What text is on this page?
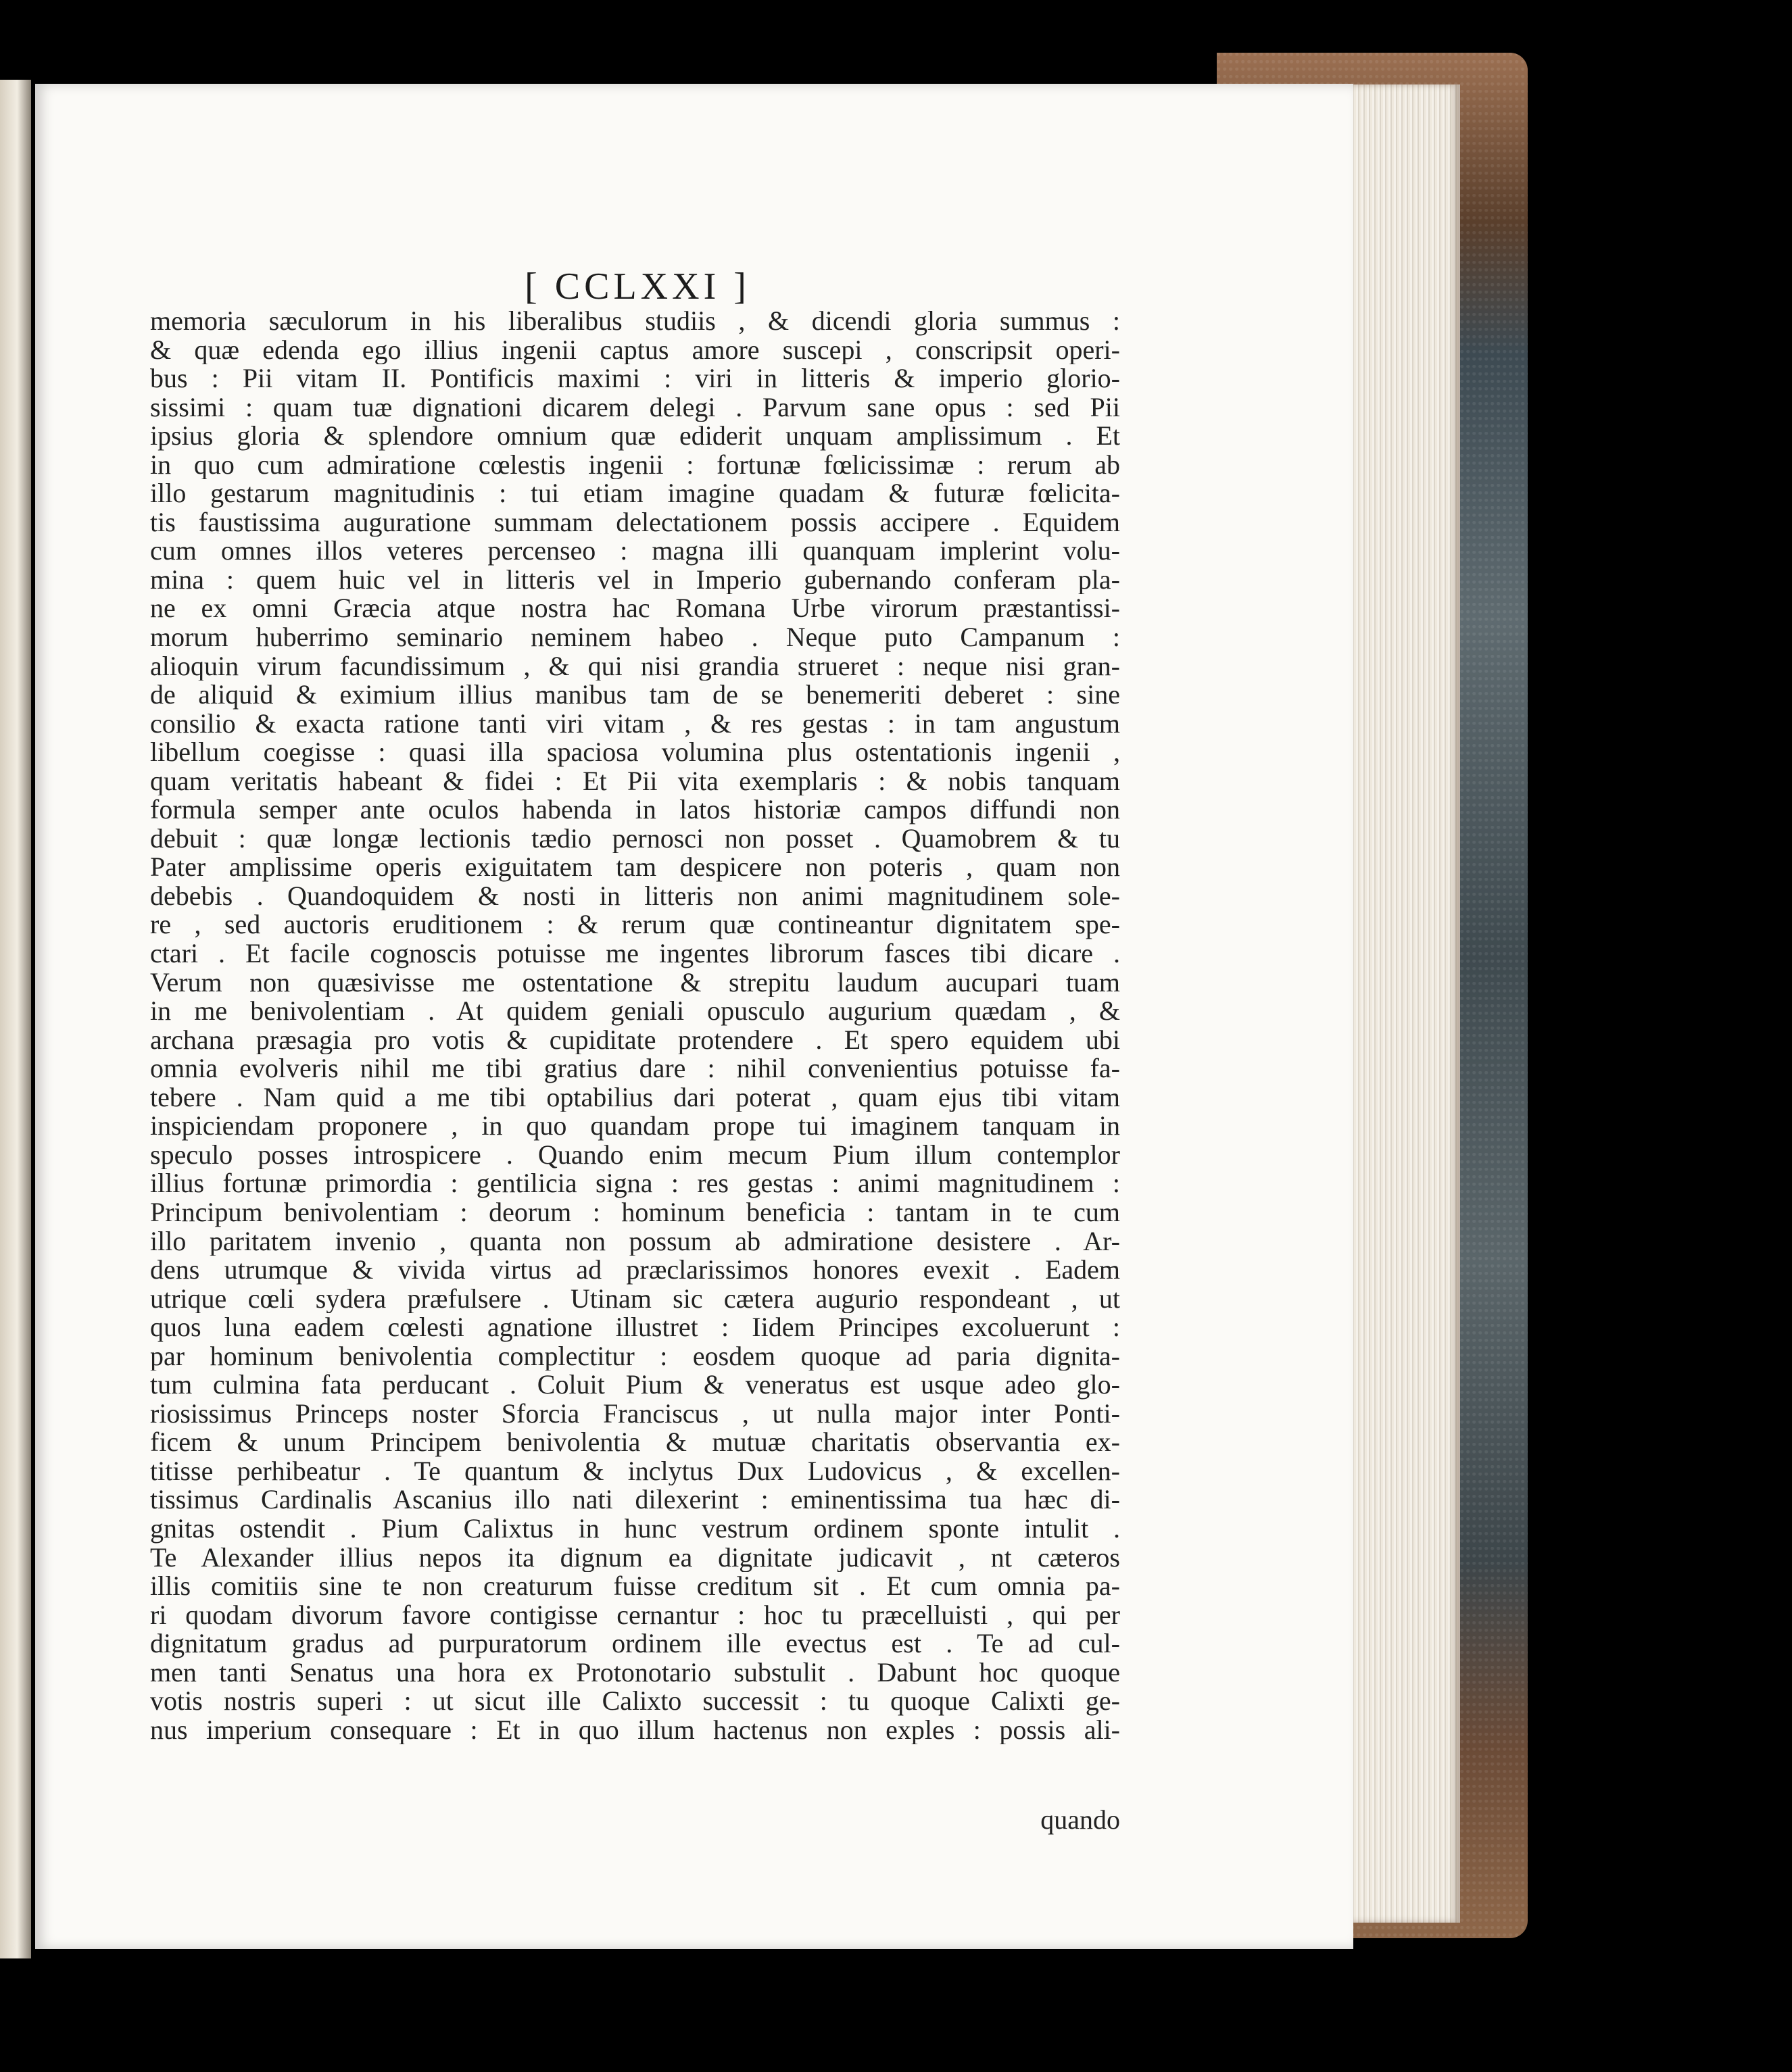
[ CCLXXI ]
memoria sæculorum in his liberalibus studiis , & dicendi gloria summus :
& quæ edenda ego illius ingenii captus amore suscepi , conscripsit operi-
bus : Pii vitam II. Pontificis maximi : viri in litteris & imperio glorio-
sissimi : quam tuæ dignationi dicarem delegi . Parvum sane opus : sed Pii
ipsius gloria & splendore omnium quæ ediderit unquam amplissimum . Et
in quo cum admiratione cœlestis ingenii : fortunæ fœlicissimæ : rerum ab
illo gestarum magnitudinis : tui etiam imagine quadam & futuræ fœlicita-
tis faustissima auguratione summam delectationem possis accipere . Equidem
cum omnes illos veteres percenseo : magna illi quanquam implerint volu-
mina : quem huic vel in litteris vel in Imperio gubernando conferam pla-
ne ex omni Græcia atque nostra hac Romana Urbe virorum præstantissi-
morum huberrimo seminario neminem habeo . Neque puto Campanum :
alioquin virum facundissimum , & qui nisi grandia strueret : neque nisi gran-
de aliquid & eximium illius manibus tam de se benemeriti deberet : sine
consilio & exacta ratione tanti viri vitam , & res gestas : in tam angustum
libellum coegisse : quasi illa spaciosa volumina plus ostentationis ingenii ,
quam veritatis habeant & fidei : Et Pii vita exemplaris : & nobis tanquam
formula semper ante oculos habenda in latos historiæ campos diffundi non
debuit : quæ longæ lectionis tædio pernosci non posset . Quamobrem & tu
Pater amplissime operis exiguitatem tam despicere non poteris , quam non
debebis . Quandoquidem & nosti in litteris non animi magnitudinem sole-
re , sed auctoris eruditionem : & rerum quæ contineantur dignitatem spe-
ctari . Et facile cognoscis potuisse me ingentes librorum fasces tibi dicare .
Verum non quæsivisse me ostentatione & strepitu laudum aucupari tuam
in me benivolentiam . At quidem geniali opusculo augurium quædam , &
archana præsagia pro votis & cupiditate protendere . Et spero equidem ubi
omnia evolveris nihil me tibi gratius dare : nihil convenientius potuisse fa-
tebere . Nam quid a me tibi optabilius dari poterat , quam ejus tibi vitam
inspiciendam proponere , in quo quandam prope tui imaginem tanquam in
speculo posses introspicere . Quando enim mecum Pium illum contemplor
illius fortunæ primordia : gentilicia signa : res gestas : animi magnitudinem :
Principum benivolentiam : deorum : hominum beneficia : tantam in te cum
illo paritatem invenio , quanta non possum ab admiratione desistere . Ar-
dens utrumque & vivida virtus ad præclarissimos honores evexit . Eadem
utrique cœli sydera præfulsere . Utinam sic cætera augurio respondeant , ut
quos luna eadem cœlesti agnatione illustret : Iidem Principes excoluerunt :
par hominum benivolentia complectitur : eosdem quoque ad paria dignita-
tum culmina fata perducant . Coluit Pium & veneratus est usque adeo glo-
riosissimus Princeps noster Sforcia Franciscus , ut nulla major inter Ponti-
ficem & unum Principem benivolentia & mutuæ charitatis observantia ex-
titisse perhibeatur . Te quantum & inclytus Dux Ludovicus , & excellen-
tissimus Cardinalis Ascanius illo nati dilexerint : eminentissima tua hæc di-
gnitas ostendit . Pium Calixtus in hunc vestrum ordinem sponte intulit .
Te Alexander illius nepos ita dignum ea dignitate judicavit , nt cæteros
illis comitiis sine te non creaturum fuisse creditum sit . Et cum omnia pa-
ri quodam divorum favore contigisse cernantur : hoc tu præcelluisti , qui per
dignitatum gradus ad purpuratorum ordinem ille evectus est . Te ad cul-
men tanti Senatus una hora ex Protonotario substulit . Dabunt hoc quoque
votis nostris superi : ut sicut ille Calixto successit : tu quoque Calixti ge-
nus imperium consequare : Et in quo illum hactenus non exples : possis ali-
quando
